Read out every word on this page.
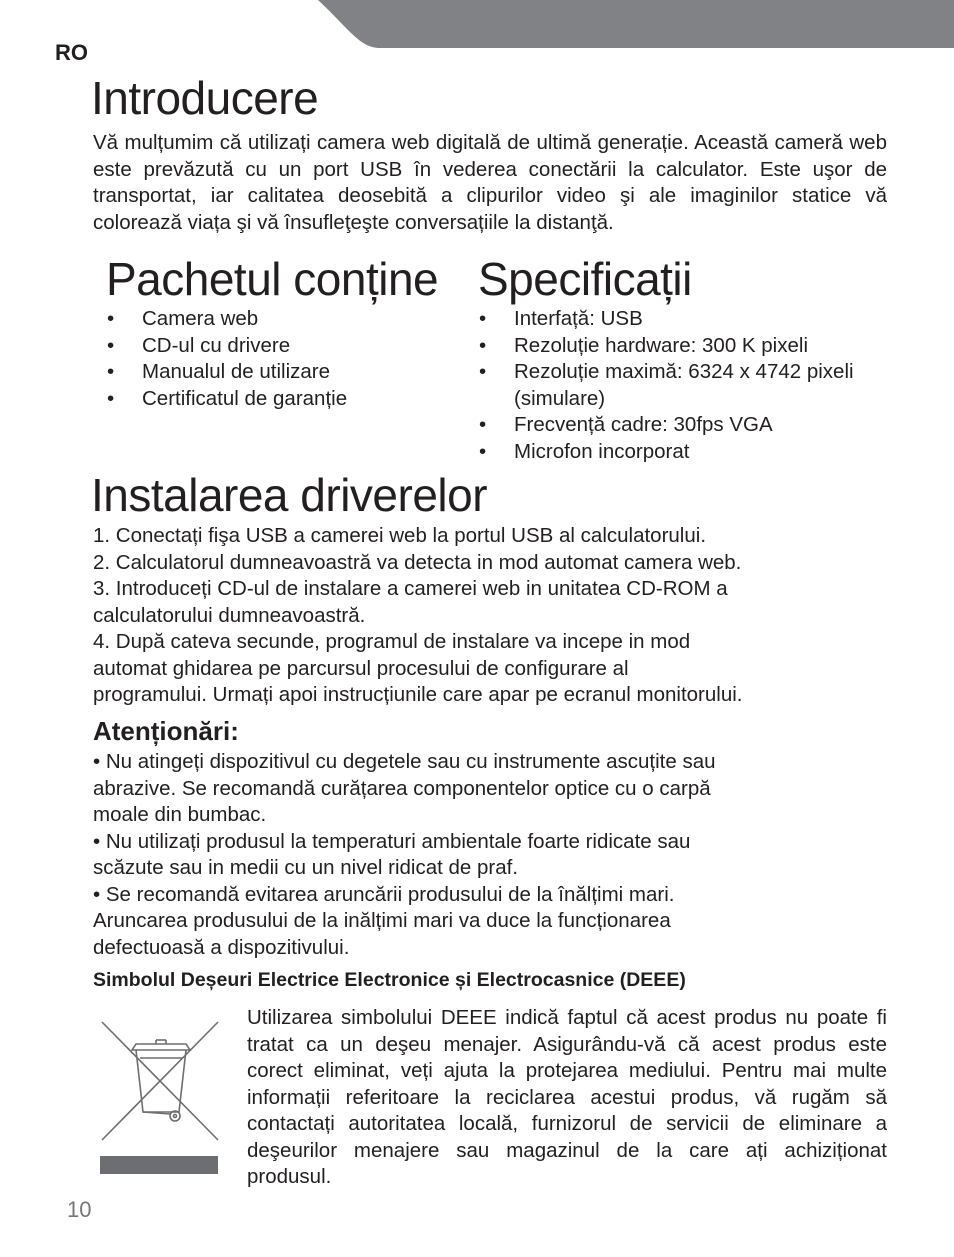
RO
Introducere

Vă mulțumim că utilizați camera web digitală de ultimă generație. Această cameră web este prevăzută cu un port USB în vederea conectării la calculator. Este uşor de transportat, iar calitatea deosebită a clipurilor video şi ale imaginilor statice vă colorează viața şi vă însufleţeşte conversațiile la distanţă.

Pachetul conține
•	Camera web
•	CD-ul cu drivere
•	Manualul de utilizare
•	Certificatul de garanție
Specificații
•	Interfață: USB
•	Rezoluție hardware: 300 K pixeli
•	Rezoluție maximă: 6324 x 4742 pixeli (simulare)
•	Frecvență cadre: 30fps VGA
•	Microfon incorporat
Instalarea driverelor
1. Conectați fişa USB a camerei web la portul USB al calculatorului.
2. Calculatorul dumneavoastră va detecta in mod automat camera web.
3. Introduceți CD-ul de instalare a camerei web in unitatea CD-ROM a
calculatorului dumneavoastră.
4. După cateva secunde, programul de instalare va incepe in mod
automat ghidarea pe parcursul procesului de configurare al
programului. Urmați apoi instrucțiunile care apar pe ecranul monitorului.
Atenționări:
• Nu atingeți dispozitivul cu degetele sau cu instrumente ascuțite sau
abrazive. Se recomandă curățarea componentelor optice cu o carpă
moale din bumbac.
• Nu utilizați produsul la temperaturi ambientale foarte ridicate sau
scăzute sau in medii cu un nivel ridicat de praf.
• Se recomandă evitarea aruncării produsului de la înălțimi mari.
Aruncarea produsului de la inălțimi mari va duce la funcționarea
defectuoasă a dispozitivului.
Simbolul Deșeuri Electrice Electronice și Electrocasnice (DEEE)

Utilizarea simbolului DEEE indică faptul că acest produs nu poate fi tratat ca un deşeu menajer. Asigurându-vă că acest produs este corect eliminat, veți ajuta la protejarea mediului. Pentru mai multe informații referitoare la reciclarea acestui produs, vă rugăm să contactați autoritatea locală, furnizorul de servicii de eliminare a deşeurilor menajere sau magazinul de la care ați achiziționat produsul.

10
